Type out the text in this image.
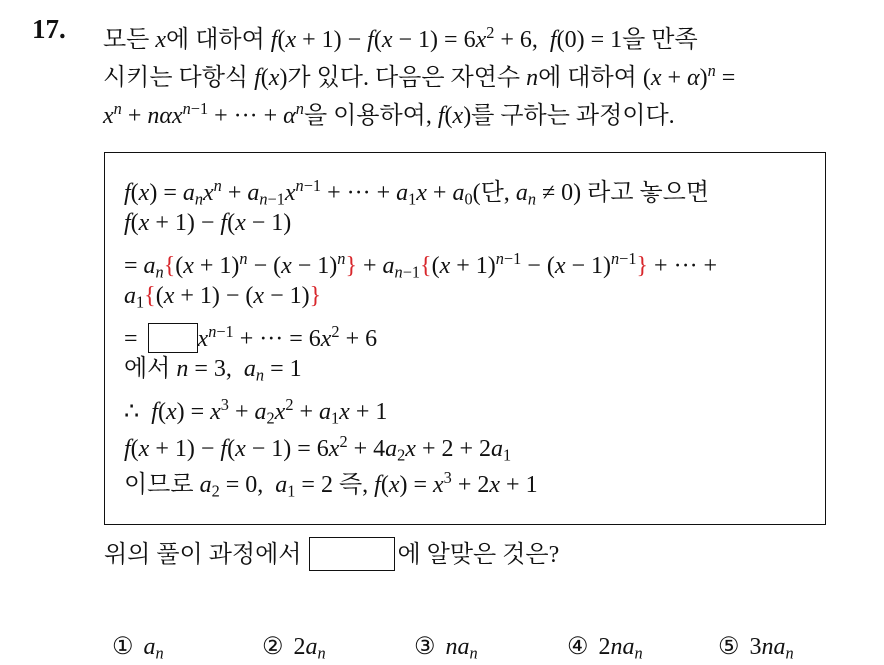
17. 모든 x에 대하여 $f(x + 1) - f(x - 1) = 6x^2 + 6$,  f(0) = 1을 만족
시키는 다항식 f(x)가 있다. 다음은 자연수 n에 대하여 $(x + \alpha)^n$ =
$x^n + n\alpha x^{n-1}$ + ··· + $\alpha^n$을 이용하여, f(x)를 구하는 과정이다.
$f(x) = a_nx^n + a_{n-1}x^{n-1}$ + ··· + $a_1x + a_0$(단, $a_n \ne 0$) 라고 놓으면
f(x + 1) − f(x − 1)
= $a_n\{(x + 1)^n - (x - 1)^n\} + a_{n-1}\{(x + 1)^{n-1} - (x - 1)^{n-1}\}$ + ··· +
$a_1\{(x + 1) - (x - 1)\}$
= $x^{n-1}$ + ··· = $6x^2 + 6$
에서 n = 3,  $a_n = 1$
∴  $f(x) = x^3 + a_2x^2 + a_1x + 1$
$f(x + 1) - f(x - 1) = 6x^2 + 4a_2x + 2 + 2a_1$
이므로 $a_2 = 0$,  $a_1 = 2$ 즉, $f(x) = x^3 + 2x + 1$
위의 풀이 과정에서	에 알맞은 것은?
① $a_n$	② $2a_n$	③ $na_n$	④ $2na_n$	⑤ $3na_n$
